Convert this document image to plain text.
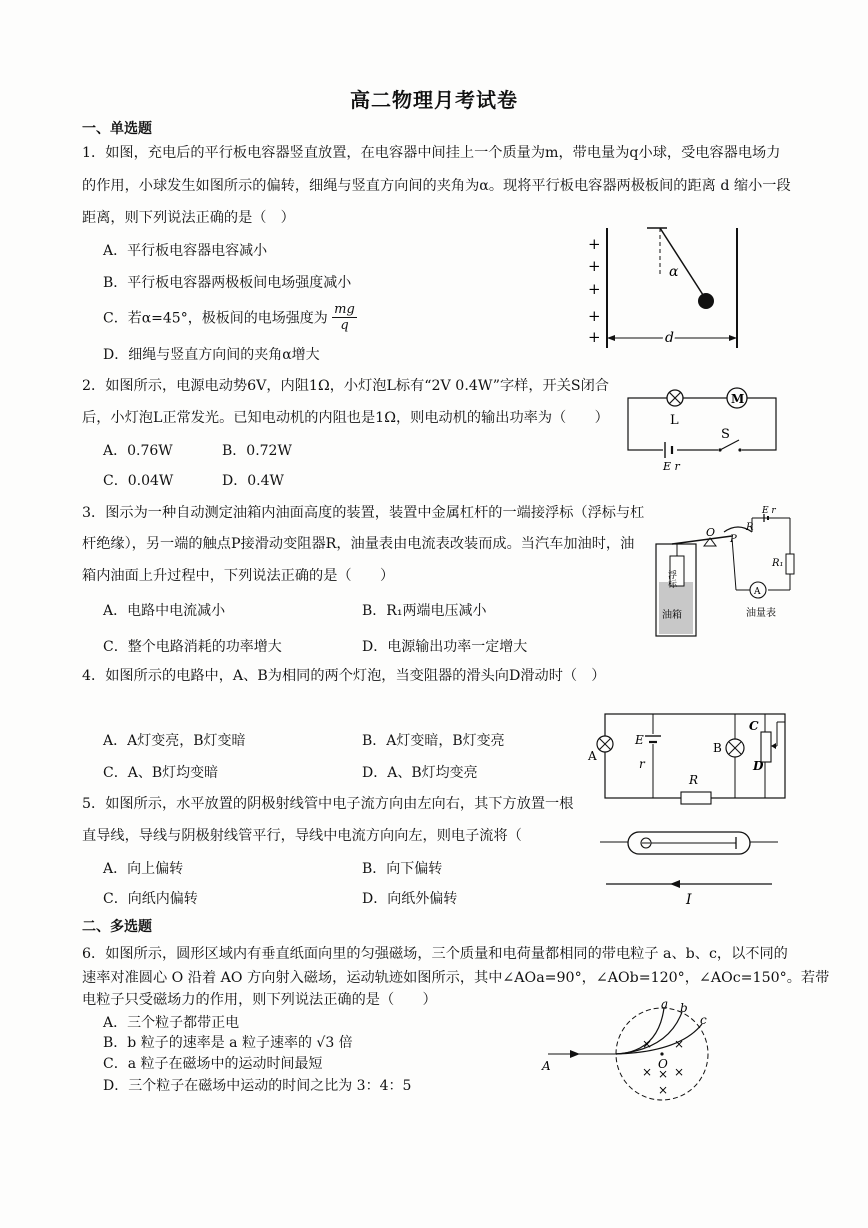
高二物理月考试卷
一、单选题
1．如图，充电后的平行板电容器竖直放置，在电容器中间挂上一个质量为m，带电量为q小球，受电容器电场力
的作用，小球发生如图所示的偏转，细绳与竖直方向间的夹角为α。现将平行板电容器两极板间的距离 d 缩小一段
距离，则下列说法正确的是（　）
A．平行板电容器电容减小
B．平行板电容器两极板间电场强度减小
C．若α=45°，极板间的电场强度为 $\frac{mg}{q}$
D．细绳与竖直方向间的夹角α增大
+
+
+
+
+
α
d
2．如图所示，电源电动势6V，内阻1Ω，小灯泡L标有“2V 0.4W”字样，开关S闭合
后，小灯泡L正常发光。已知电动机的内阻也是1Ω，则电动机的输出功率为（　　）
A．0.76W	B．0.72W
C．0.04W	D．0.4W
M
L
E r
S
3．图示为一种自动测定油箱内油面高度的装置，装置中金属杠杆的一端接浮标（浮标与杠
杆绝缘），另一端的触点P接滑动变阻器R，油量表由电流表改装而成。当汽车加油时，油
箱内油面上升过程中，下列说法正确的是（　　）
A．电路中电流减小	B．R₁两端电压减小
C．整个电路消耗的功率增大	D．电源输出功率一定增大
浮标
油箱
O
P
R
E r
R₁
A
油量表
4．如图所示的电路中，A、B为相同的两个灯泡，当变阻器的滑头向D滑动时（　）
A．A灯变亮，B灯变暗	B．A灯变暗，B灯变亮
C．A、B灯均变暗	D．A、B灯均变亮
A
E
r
B
C
D
R
5．如图所示，水平放置的阴极射线管中电子流方向由左向右，其下方放置一根
直导线，导线与阴极射线管平行，导线中电流方向向左，则电子流将（
A．向上偏转	B．向下偏转
C．向纸内偏转	D．向纸外偏转	I
二、多选题
6．如图所示，圆形区域内有垂直纸面向里的匀强磁场，三个质量和电荷量都相同的带电粒子 a、b、c，以不同的
速率对准圆心 O 沿着 AO 方向射入磁场，运动轨迹如图所示，其中∠AOa=90°，∠AOb=120°，∠AOc=150°。若带
电粒子只受磁场力的作用，则下列说法正确的是（　　）
A．三个粒子都带正电
B．b 粒子的速率是 a 粒子速率的 √3 倍
C．a 粒子在磁场中的运动时间最短
D．三个粒子在磁场中运动的时间之比为 3：4：5
A
a b
c
O
× ×
× × ×
×
